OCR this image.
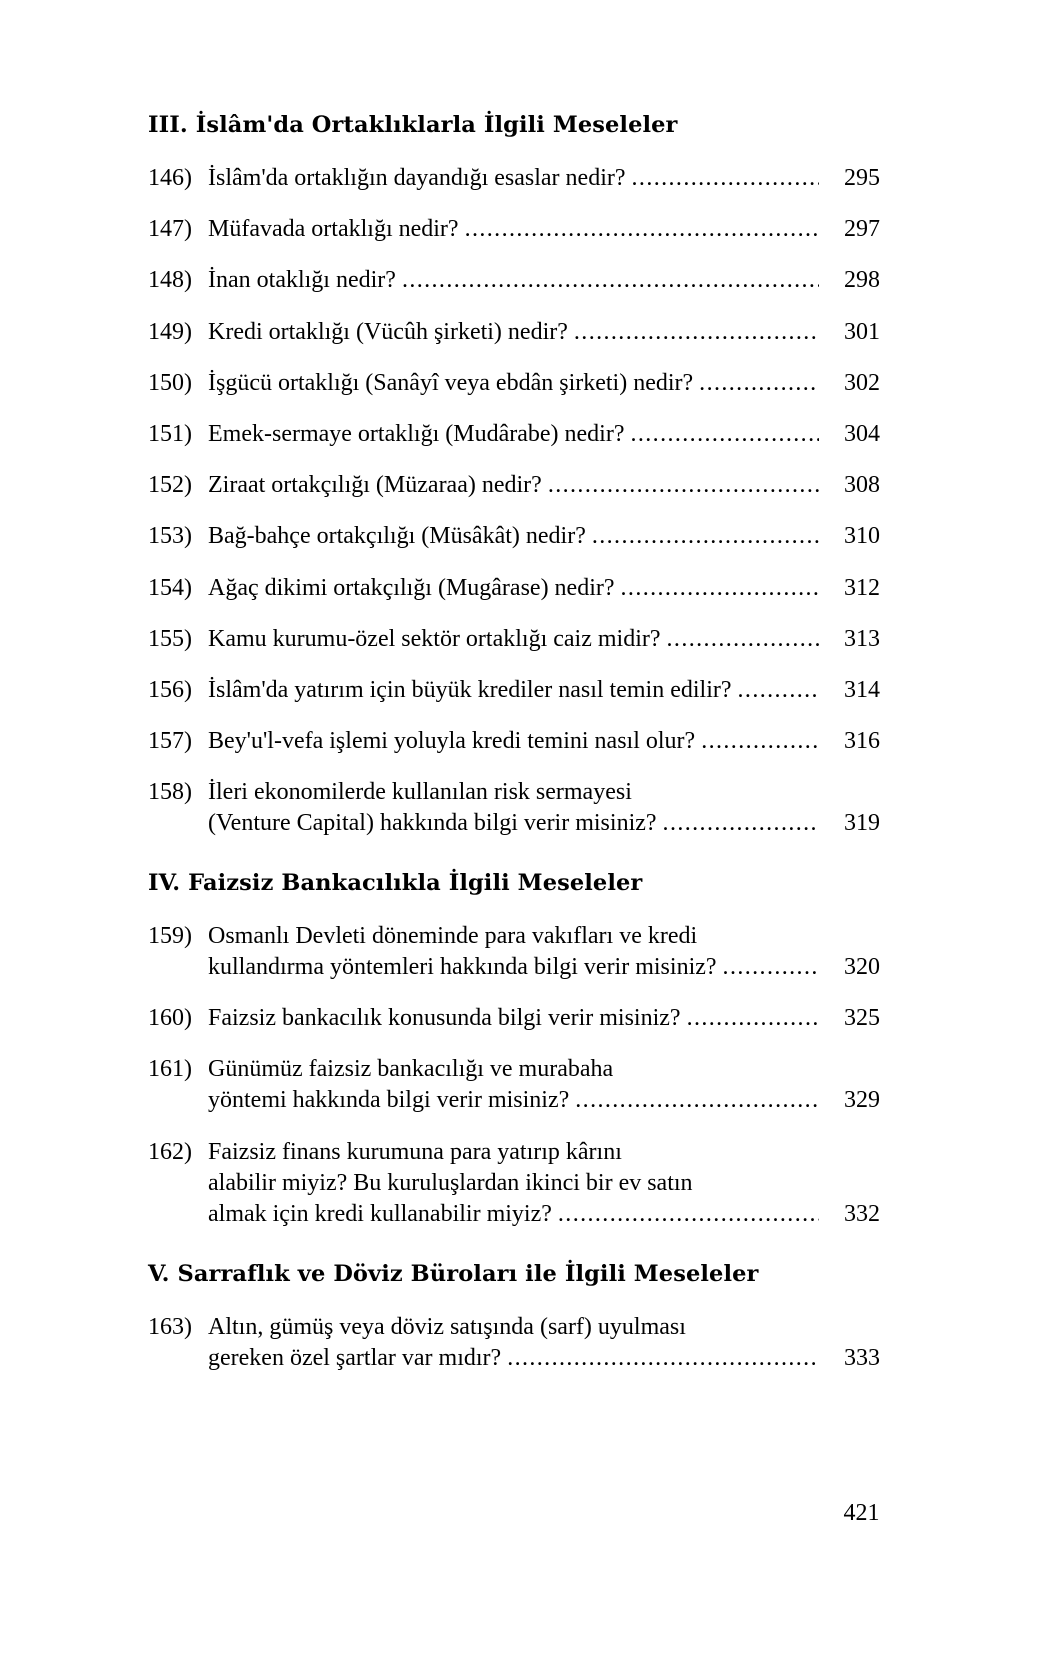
III. İslâm'da Ortaklıklarla İlgili Meseleler
146) İslâm'da ortaklığın dayandığı esaslar nedir? .....	295
147) Müfavada ortaklığı nedir? .....	297
148) İnan otaklığı nedir? .....	298
149) Kredi ortaklığı (Vücûh şirketi) nedir? .....	301
150) İşgücü ortaklığı (Sanâyî veya ebdân şirketi) nedir? .....	302
151) Emek-sermaye ortaklığı (Mudârabe) nedir? .....	304
152) Ziraat ortakçılığı (Müzaraa) nedir? .....	308
153) Bağ-bahçe ortakçılığı (Müsâkât) nedir? .....	310
154) Ağaç dikimi ortakçılığı (Mugârase) nedir? .....	312
155) Kamu kurumu-özel sektör ortaklığı caiz midir? .....	313
156) İslâm'da yatırım için büyük krediler nasıl temin edilir? .....	314
157) Bey'u'l-vefa işlemi yoluyla kredi temini nasıl olur? .....	316
158) İleri ekonomilerde kullanılan risk sermayesi
(Venture Capital) hakkında bilgi verir misiniz? .....	319
IV. Faizsiz Bankacılıkla İlgili Meseleler
159) Osmanlı Devleti döneminde para vakıfları ve kredi
kullandırma yöntemleri hakkında bilgi verir misiniz? .....	320
160) Faizsiz bankacılık konusunda bilgi verir misiniz? .....	325
161) Günümüz faizsiz bankacılığı ve murabaha
yöntemi hakkında bilgi verir misiniz? .....	329
162) Faizsiz finans kurumuna para yatırıp kârını
alabilir miyiz? Bu kuruluşlardan ikinci bir ev satın
almak için kredi kullanabilir miyiz? .....	332
V. Sarraflık ve Döviz Büroları ile İlgili Meseleler
163) Altın, gümüş veya döviz satışında (sarf) uyulması
gereken özel şartlar var mıdır? .....	333
421
